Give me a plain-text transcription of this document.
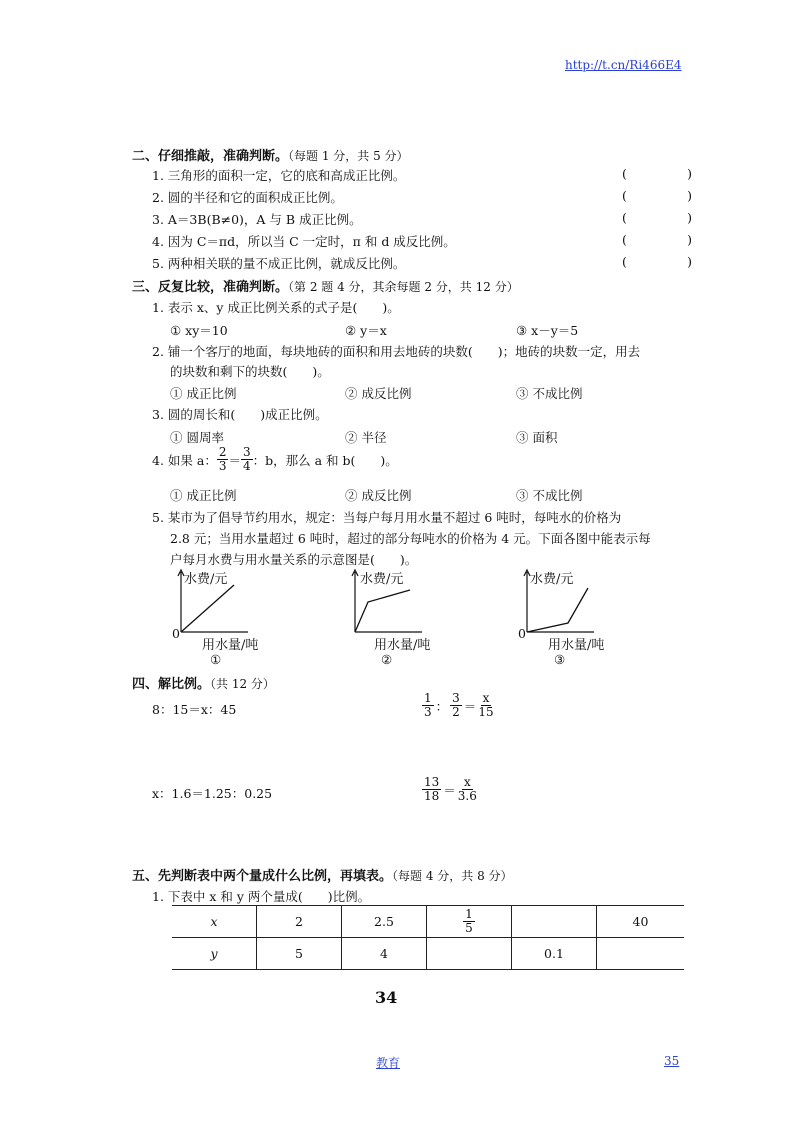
http://t.cn/Ri466E4
二、仔细推敲，准确判断。（每题 1 分，共 5 分）
1. 三角形的面积一定，它的底和高成正比例。	(	)
2. 圆的半径和它的面积成正比例。	(	)
3. A＝3B(B≠0)，A 与 B 成正比例。	(	)
4. 因为 C＝πd，所以当 C 一定时，π 和 d 成反比例。	(	)
5. 两种相关联的量不成正比例，就成反比例。	(	)
三、反复比较，准确判断。（第 2 题 4 分，其余每题 2 分，共 12 分）
1. 表示 x、y 成正比例关系的式子是(　　)。
① xy＝10	② y＝x	③ x－y＝5
2. 铺一个客厅的地面，每块地砖的面积和用去地砖的块数(　　)；地砖的块数一定，用去
的块数和剩下的块数(　　)。
① 成正比例	② 成反比例	③ 不成比例
3. 圆的周长和(　　)成正比例。
① 圆周率	② 半径	③ 面积
4. 如果 a： $\frac{2}{3} = \frac{3}{4}$ ：b，那么 a 和 b(　　)。
① 成正比例	② 成反比例	③ 不成比例
5. 某市为了倡导节约用水，规定：当每户每月用水量不超过 6 吨时，每吨水的价格为
2.8 元；当用水量超过 6 吨时，超过的部分每吨水的价格为 4 元。下面各图中能表示每
户每月水费与用水量关系的示意图是(　　)。
水费/元
0
用水量/吨
①
水费/元
用水量/吨
②
水费/元
0
用水量/吨
③
四、解比例。（共 12 分）
8：15＝x：45	$\frac{1}{3}$ ： $\frac{3}{2} = \frac{x}{15}$
x：1.6＝1.25：0.25	$\frac{13}{18} = \frac{x}{3.6}$
五、先判断表中两个量成什么比例，再填表。（每题 4 分，共 8 分）
1. 下表中 x 和 y 两个量成(　　)比例。
x	2	2.5	$\frac{1}{5}$		40
y	5	4		0.1	
34
教育	35
